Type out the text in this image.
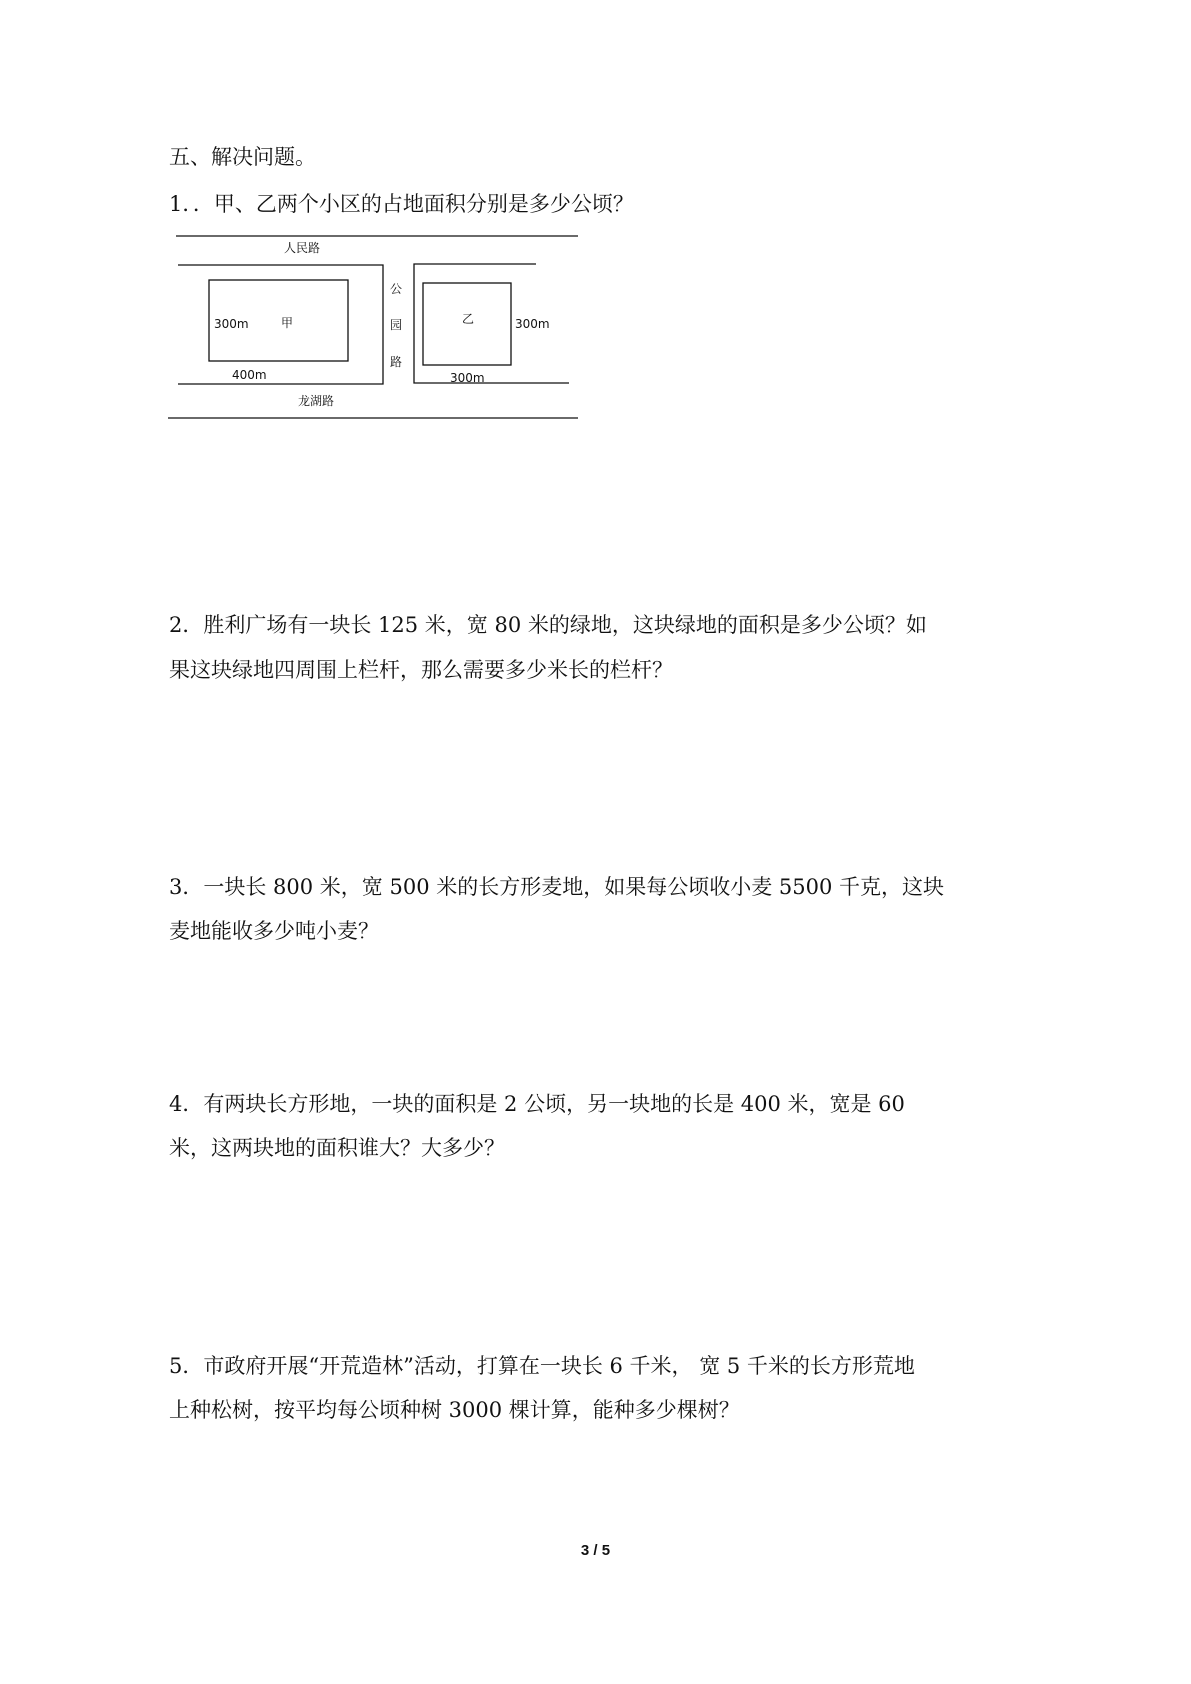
五、解决问题。
1．．甲、乙两个小区的占地面积分别是多少公顷？
人民路
公
园
路
300m	甲
400m
乙	300m
300m
龙湖路
2．胜利广场有一块长 125 米，宽 80 米的绿地，这块绿地的面积是多少公顷？如
果这块绿地四周围上栏杆，那么需要多少米长的栏杆？
3．一块长 800 米，宽 500 米的长方形麦地，如果每公顷收小麦 5500 千克，这块
麦地能收多少吨小麦？
4．有两块长方形地，一块的面积是 2 公顷，另一块地的长是 400 米，宽是 60
米，这两块地的面积谁大？大多少？
5．市政府开展“开荒造林”活动，打算在一块长 6 千米， 宽 5 千米的长方形荒地
上种松树，按平均每公顷种树 3000 棵计算，能种多少棵树？
3 / 5
